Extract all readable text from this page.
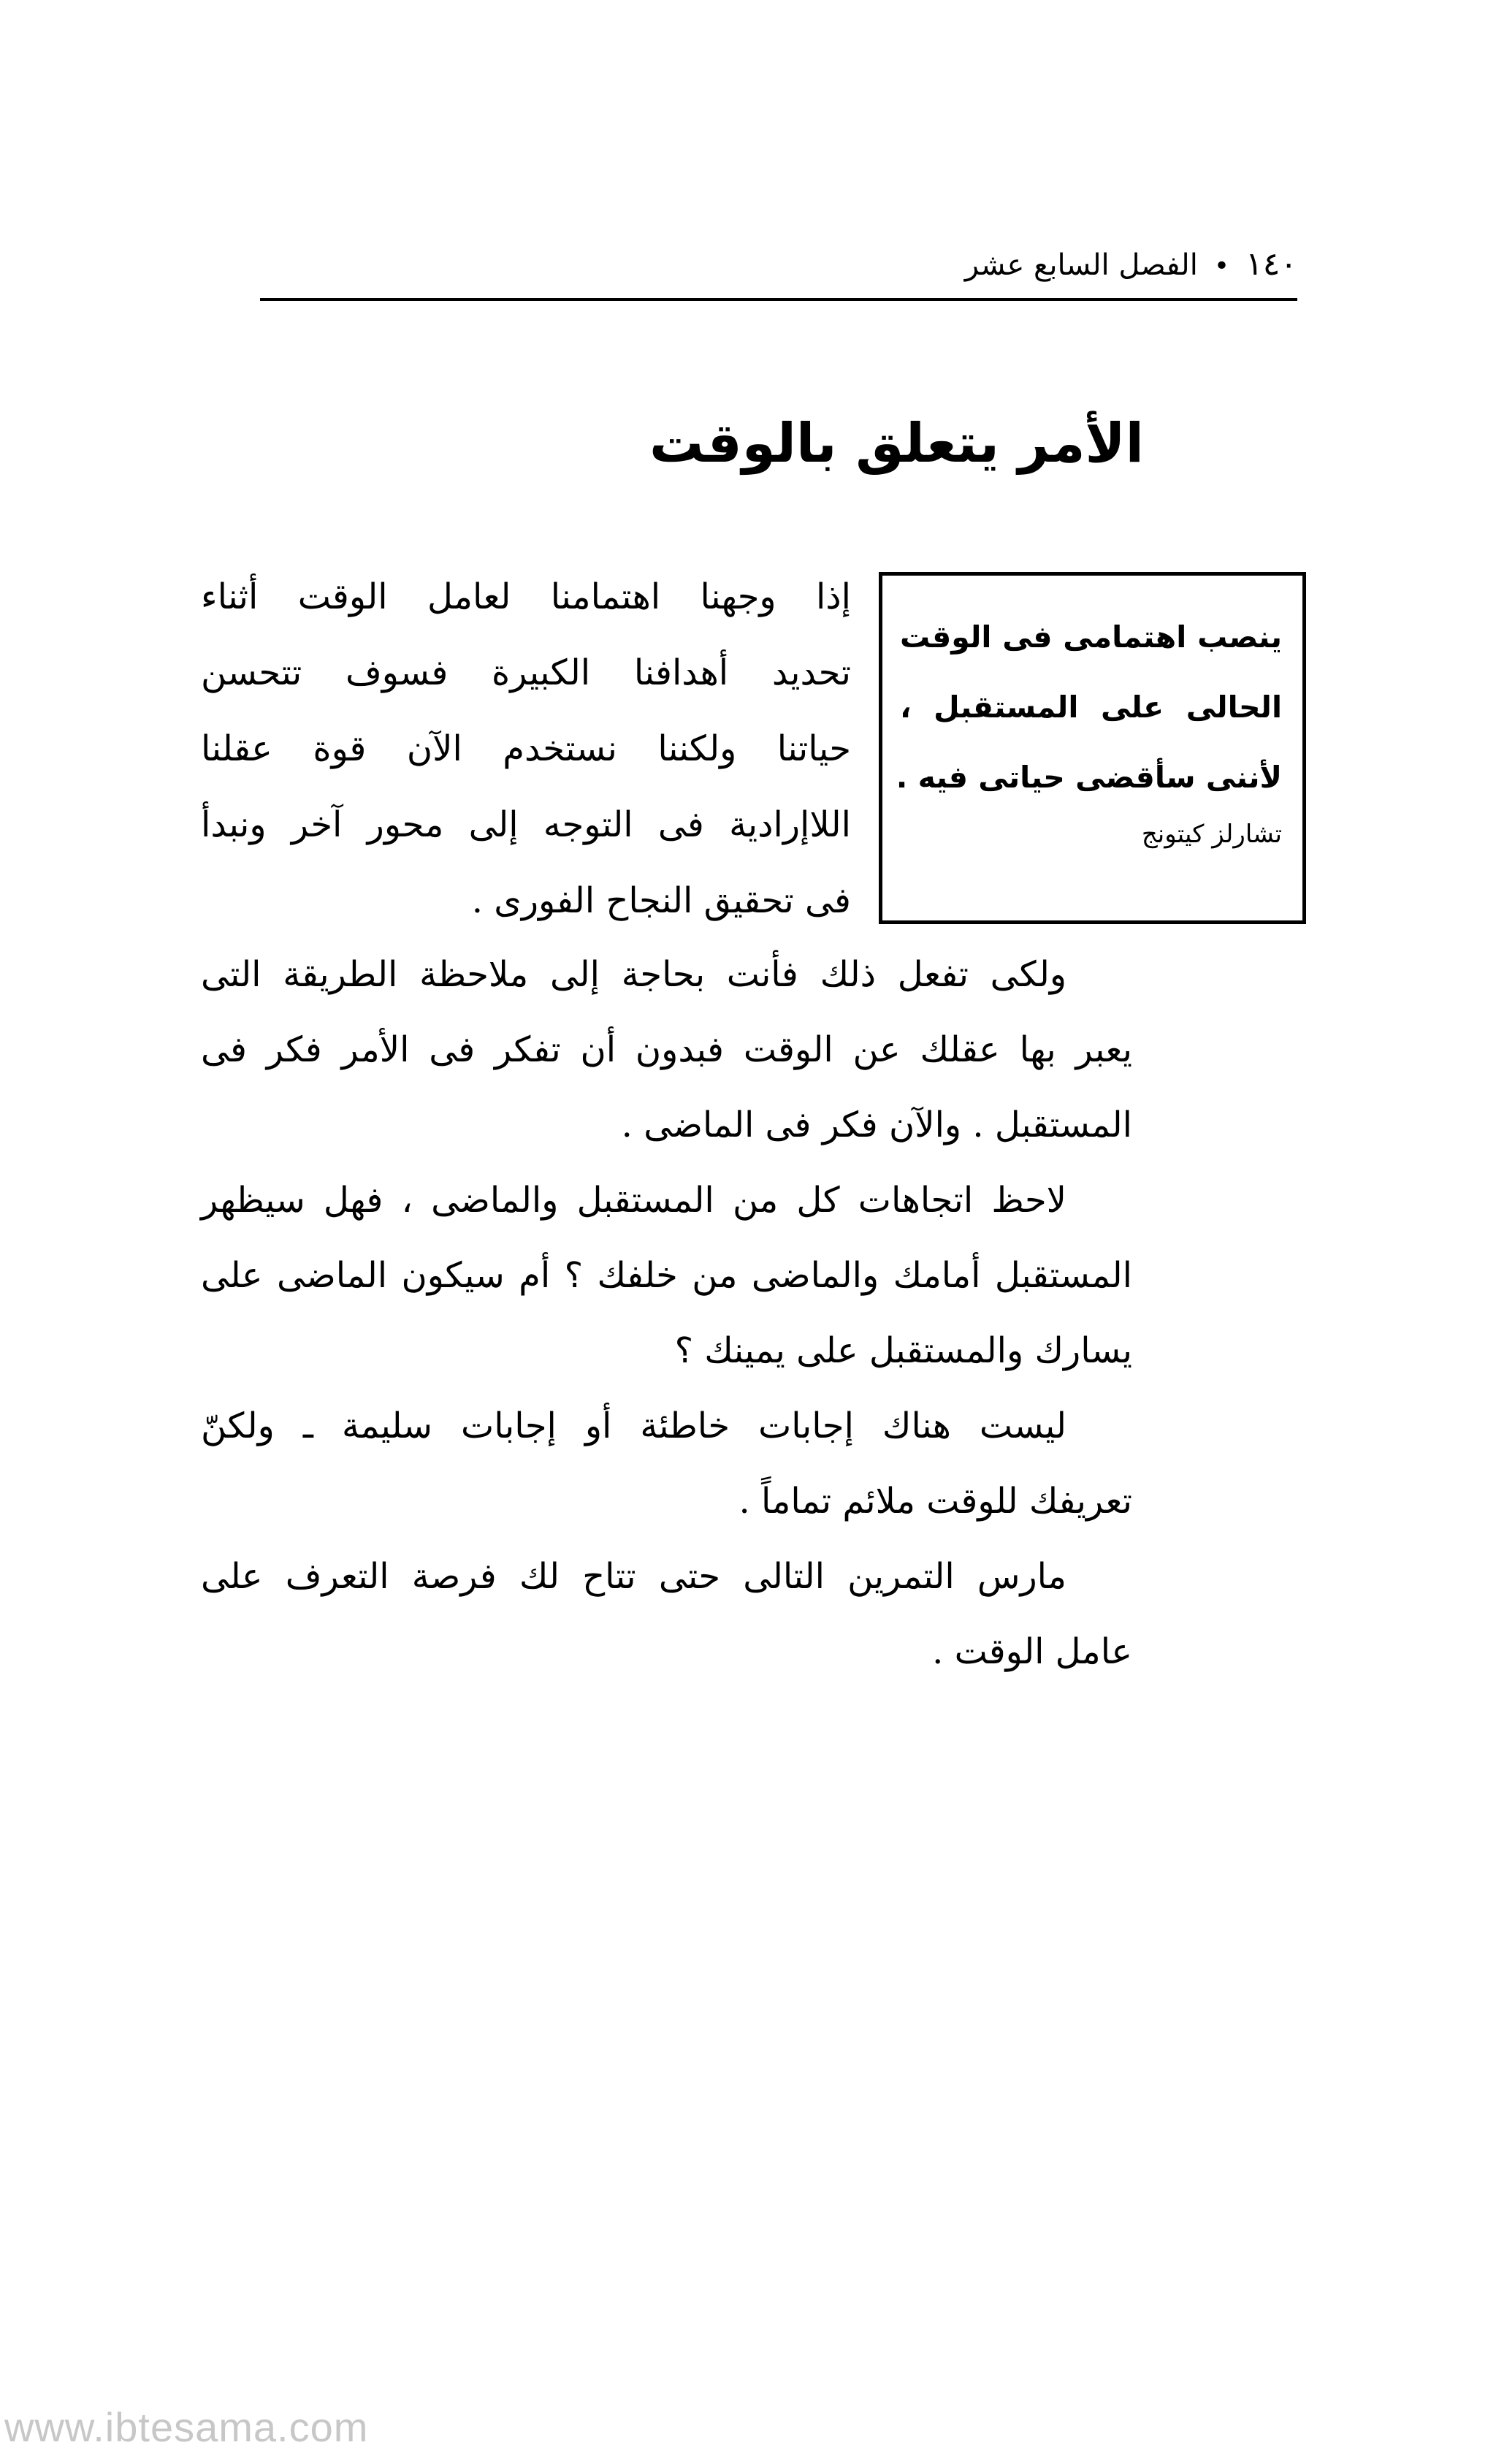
١٤٠•الفصل السابع عشر
الأمر يتعلق بالوقت
ينصب اهتمامى فى الوقت
الحالى على المستقبل ،
لأننى سأقضى حياتى فيه .
تشارلز كيتونج
إذا وجهنا اهتمامنا لعامل الوقت أثناء
تحديد أهدافنا الكبيرة فسوف تتحسن
حياتنا ولكننا نستخدم الآن قوة عقلنا
اللاإرادية فى التوجه إلى محور آخر ونبدأ
فى تحقيق النجاح الفورى .
ولكى تفعل ذلك فأنت بحاجة إلى ملاحظة الطريقة التى
يعبر بها عقلك عن الوقت فبدون أن تفكر فى الأمر فكر فى
المستقبل . والآن فكر فى الماضى .
لاحظ اتجاهات كل من المستقبل والماضى ، فهل سيظهر
المستقبل أمامك والماضى من خلفك ؟ أم سيكون الماضى على
يسارك والمستقبل على يمينك ؟
ليست هناك إجابات خاطئة أو إجابات سليمة ـ ولكنّ
تعريفك للوقت ملائم تماماً .
مارس التمرين التالى حتى تتاح لك فرصة التعرف على
عامل الوقت .
www.ibtesama.com
